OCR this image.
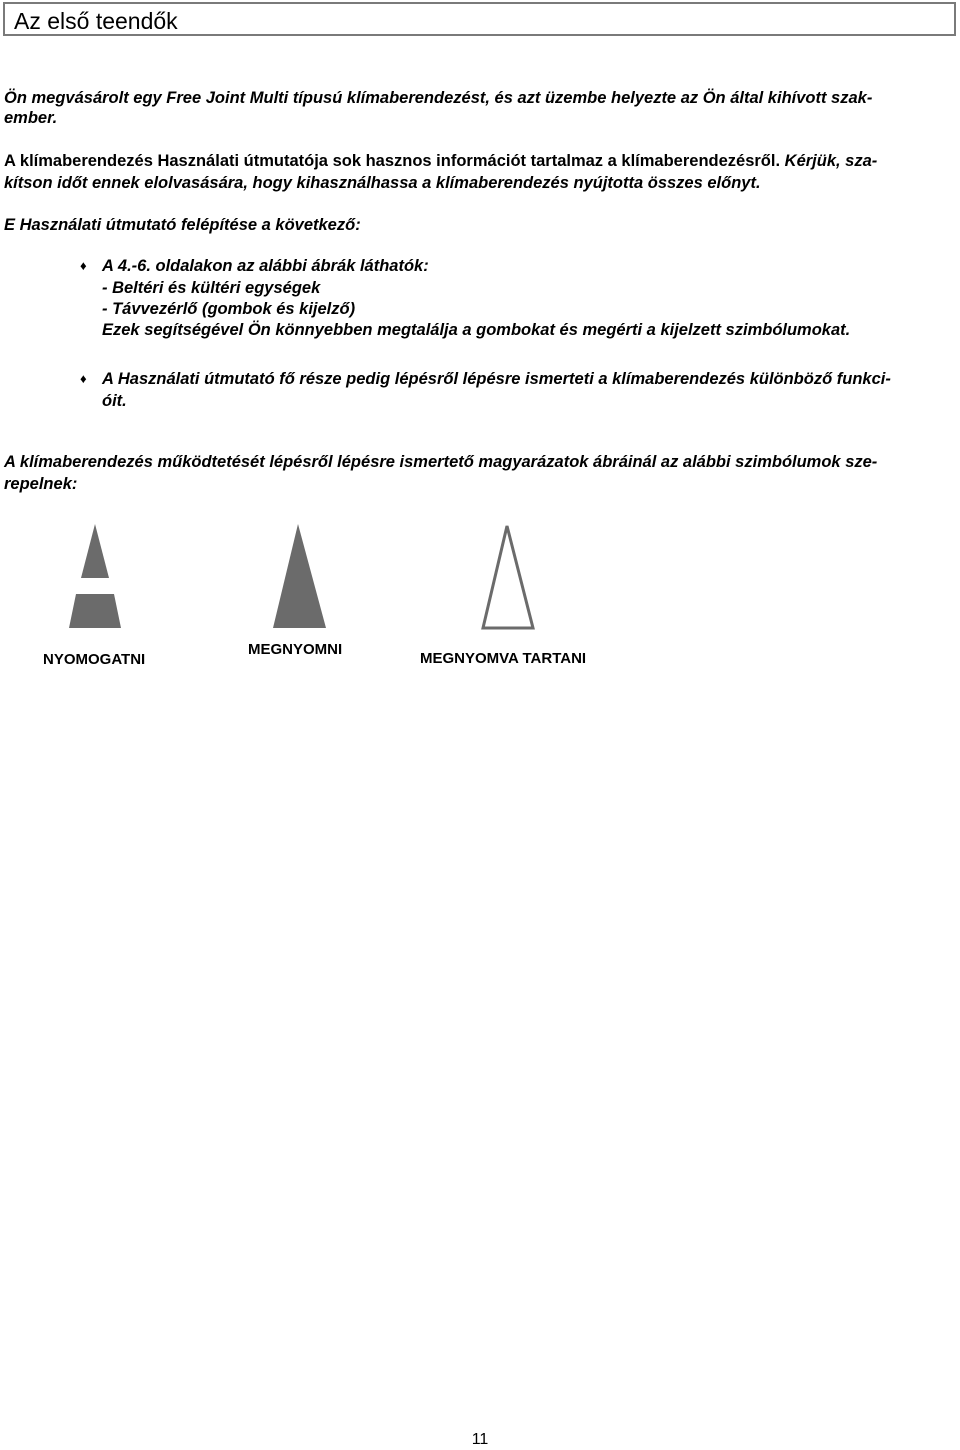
Az első teendők
Ön megvásárolt egy Free Joint Multi típusú klímaberendezést, és azt üzembe helyezte az Ön által kihívott szak-
ember.
A klímaberendezés Használati útmutatója sok hasznos információt tartalmaz a klímaberendezésről. Kérjük, sza-
kítson időt ennek elolvasására, hogy kihasználhassa a klímaberendezés nyújtotta összes előnyt.
E Használati útmutató felépítése a következő:
♦ A 4.-6. oldalakon az alábbi ábrák láthatók:
- Beltéri és kültéri egységek
- Távvezérlő (gombok és kijelző)
Ezek segítségével Ön könnyebben megtalálja a gombokat és megérti a kijelzett szimbólumokat.
♦ A Használati útmutató fő része pedig lépésről lépésre ismerteti a klímaberendezés különböző funkci-
óit.
A klímaberendezés működtetését lépésről lépésre ismertető magyarázatok ábráinál az alábbi szimbólumok sze-
repelnek:
NYOMOGATNI
MEGNYOMNI
MEGNYOMVA TARTANI
11
